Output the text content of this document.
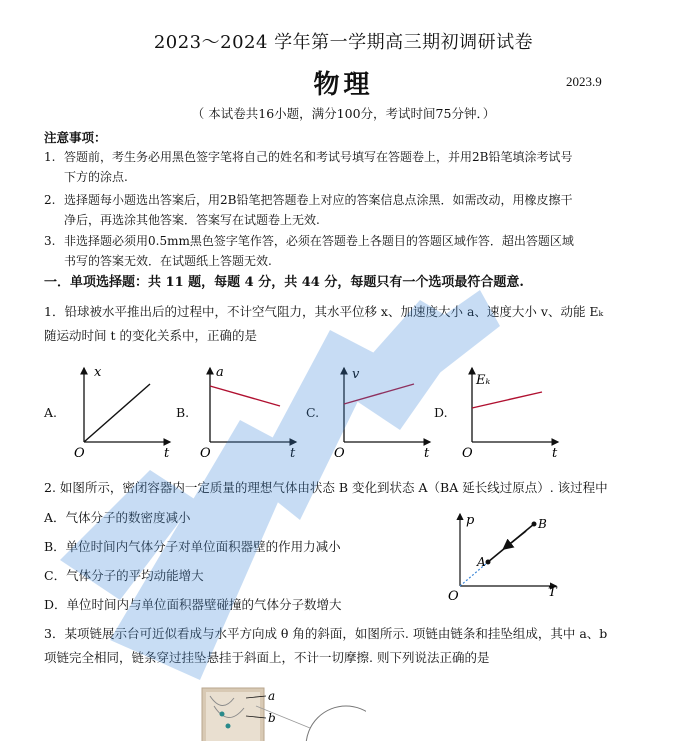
2023～2024 学年第一学期高三期初调研试卷
物理	2023.9
（ 本试卷共16小题，满分100分，考试时间75分钟．）
注意事项：
1. 答题前，考生务必用黑色签字笔将自己的姓名和考试号填写在答题卷上，并用2B铅笔填涂考试号
下方的涂点.
2. 选择题每小题选出答案后，用2B铅笔把答题卷上对应的答案信息点涂黑．如需改动，用橡皮擦干
净后，再选涂其他答案．答案写在试题卷上无效.
3. 非选择题必须用0.5mm黑色签字笔作答，必须在答题卷上各题目的答题区域作答．超出答题区域
书写的答案无效．在试题纸上答题无效.
一．单项选择题：共 11 题，每题 4 分，共 44 分，每题只有一个选项最符合题意.
1．铅球被水平推出后的过程中，不计空气阻力，其水平位移 x、加速度大小 a、速度大小 v、动能 Eₖ
随运动时间 t 的变化关系中，正确的是
A.	B.	C.	D.
x
t
O
a
t
O
v
t
O
Eₖ
t
O
2. 如图所示，密闭容器内一定质量的理想气体由状态 B 变化到状态 A（BA 延长线过原点）. 该过程中
A．气体分子的数密度减小
B．单位时间内气体分子对单位面积器壁的作用力减小
C．气体分子的平均动能增大
D．单位时间内与单位面积器壁碰撞的气体分子数增大
p
T
O
A
B
3．某项链展示台可近似看成与水平方向成 θ 角的斜面，如图所示. 项链由链条和挂坠组成，其中 a、b
项链完全相同，链条穿过挂坠悬挂于斜面上，不计一切摩擦. 则下列说法正确的是
a
b
